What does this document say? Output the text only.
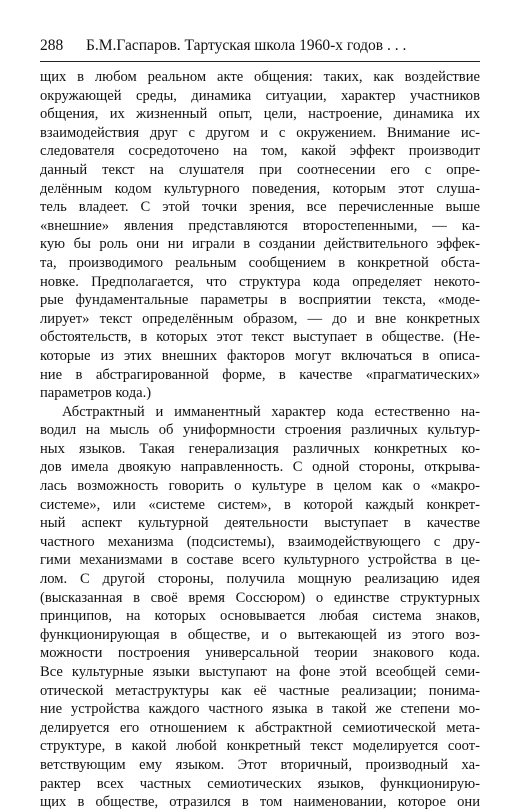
288 Б.М.Гаспаров. Тартуская школа 1960-х годов . . .
щих в любом реальном акте общения: таких, как воздействие
окружающей среды, динамика ситуации, характер участников
общения, их жизненный опыт, цели, настроение, динамика их
взаимодействия друг с другом и с окружением. Внимание ис-
следователя сосредоточено на том, какой эффект производит
данный текст на слушателя при соотнесении его с опре-
делённым кодом культурного поведения, которым этот слуша-
тель владеет. С этой точки зрения, все перечисленные выше
«внешние» явления представляются второстепенными, — ка-
кую бы роль они ни играли в создании действительного эффек-
та, производимого реальным сообщением в конкретной обста-
новке. Предполагается, что структура кода определяет некото-
рые фундаментальные параметры в восприятии текста, «моде-
лирует» текст определённым образом, — до и вне конкретных
обстоятельств, в которых этот текст выступает в обществе. (Не-
которые из этих внешних факторов могут включаться в описа-
ние в абстрагированной форме, в качестве «прагматических»
параметров кода.)
Абстрактный и имманентный характер кода естественно на-
водил на мысль об униформности строения различных культур-
ных языков. Такая генерализация различных конкретных ко-
дов имела двоякую направленность. С одной стороны, открыва-
лась возможность говорить о культуре в целом как о «макро-
системе», или «системе систем», в которой каждый конкрет-
ный аспект культурной деятельности выступает в качестве
частного механизма (подсистемы), взаимодействующего с дру-
гими механизмами в составе всего культурного устройства в це-
лом. С другой стороны, получила мощную реализацию идея
(высказанная в своё время Соссюром) о единстве структурных
принципов, на которых основывается любая система знаков,
функционирующая в обществе, и о вытекающей из этого воз-
можности построения универсальной теории знакового кода.
Все культурные языки выступают на фоне этой всеобщей семи-
отической метаструктуры как её частные реализации; понима-
ние устройства каждого частного языка в такой же степени мо-
делируется его отношением к абстрактной семиотической мета-
структуре, в какой любой конкретный текст моделируется соот-
ветствующим ему языком. Этот вторичный, производный ха-
рактер всех частных семиотических языков, функционирую-
щих в обществе, отразился в том наименовании, которое они
